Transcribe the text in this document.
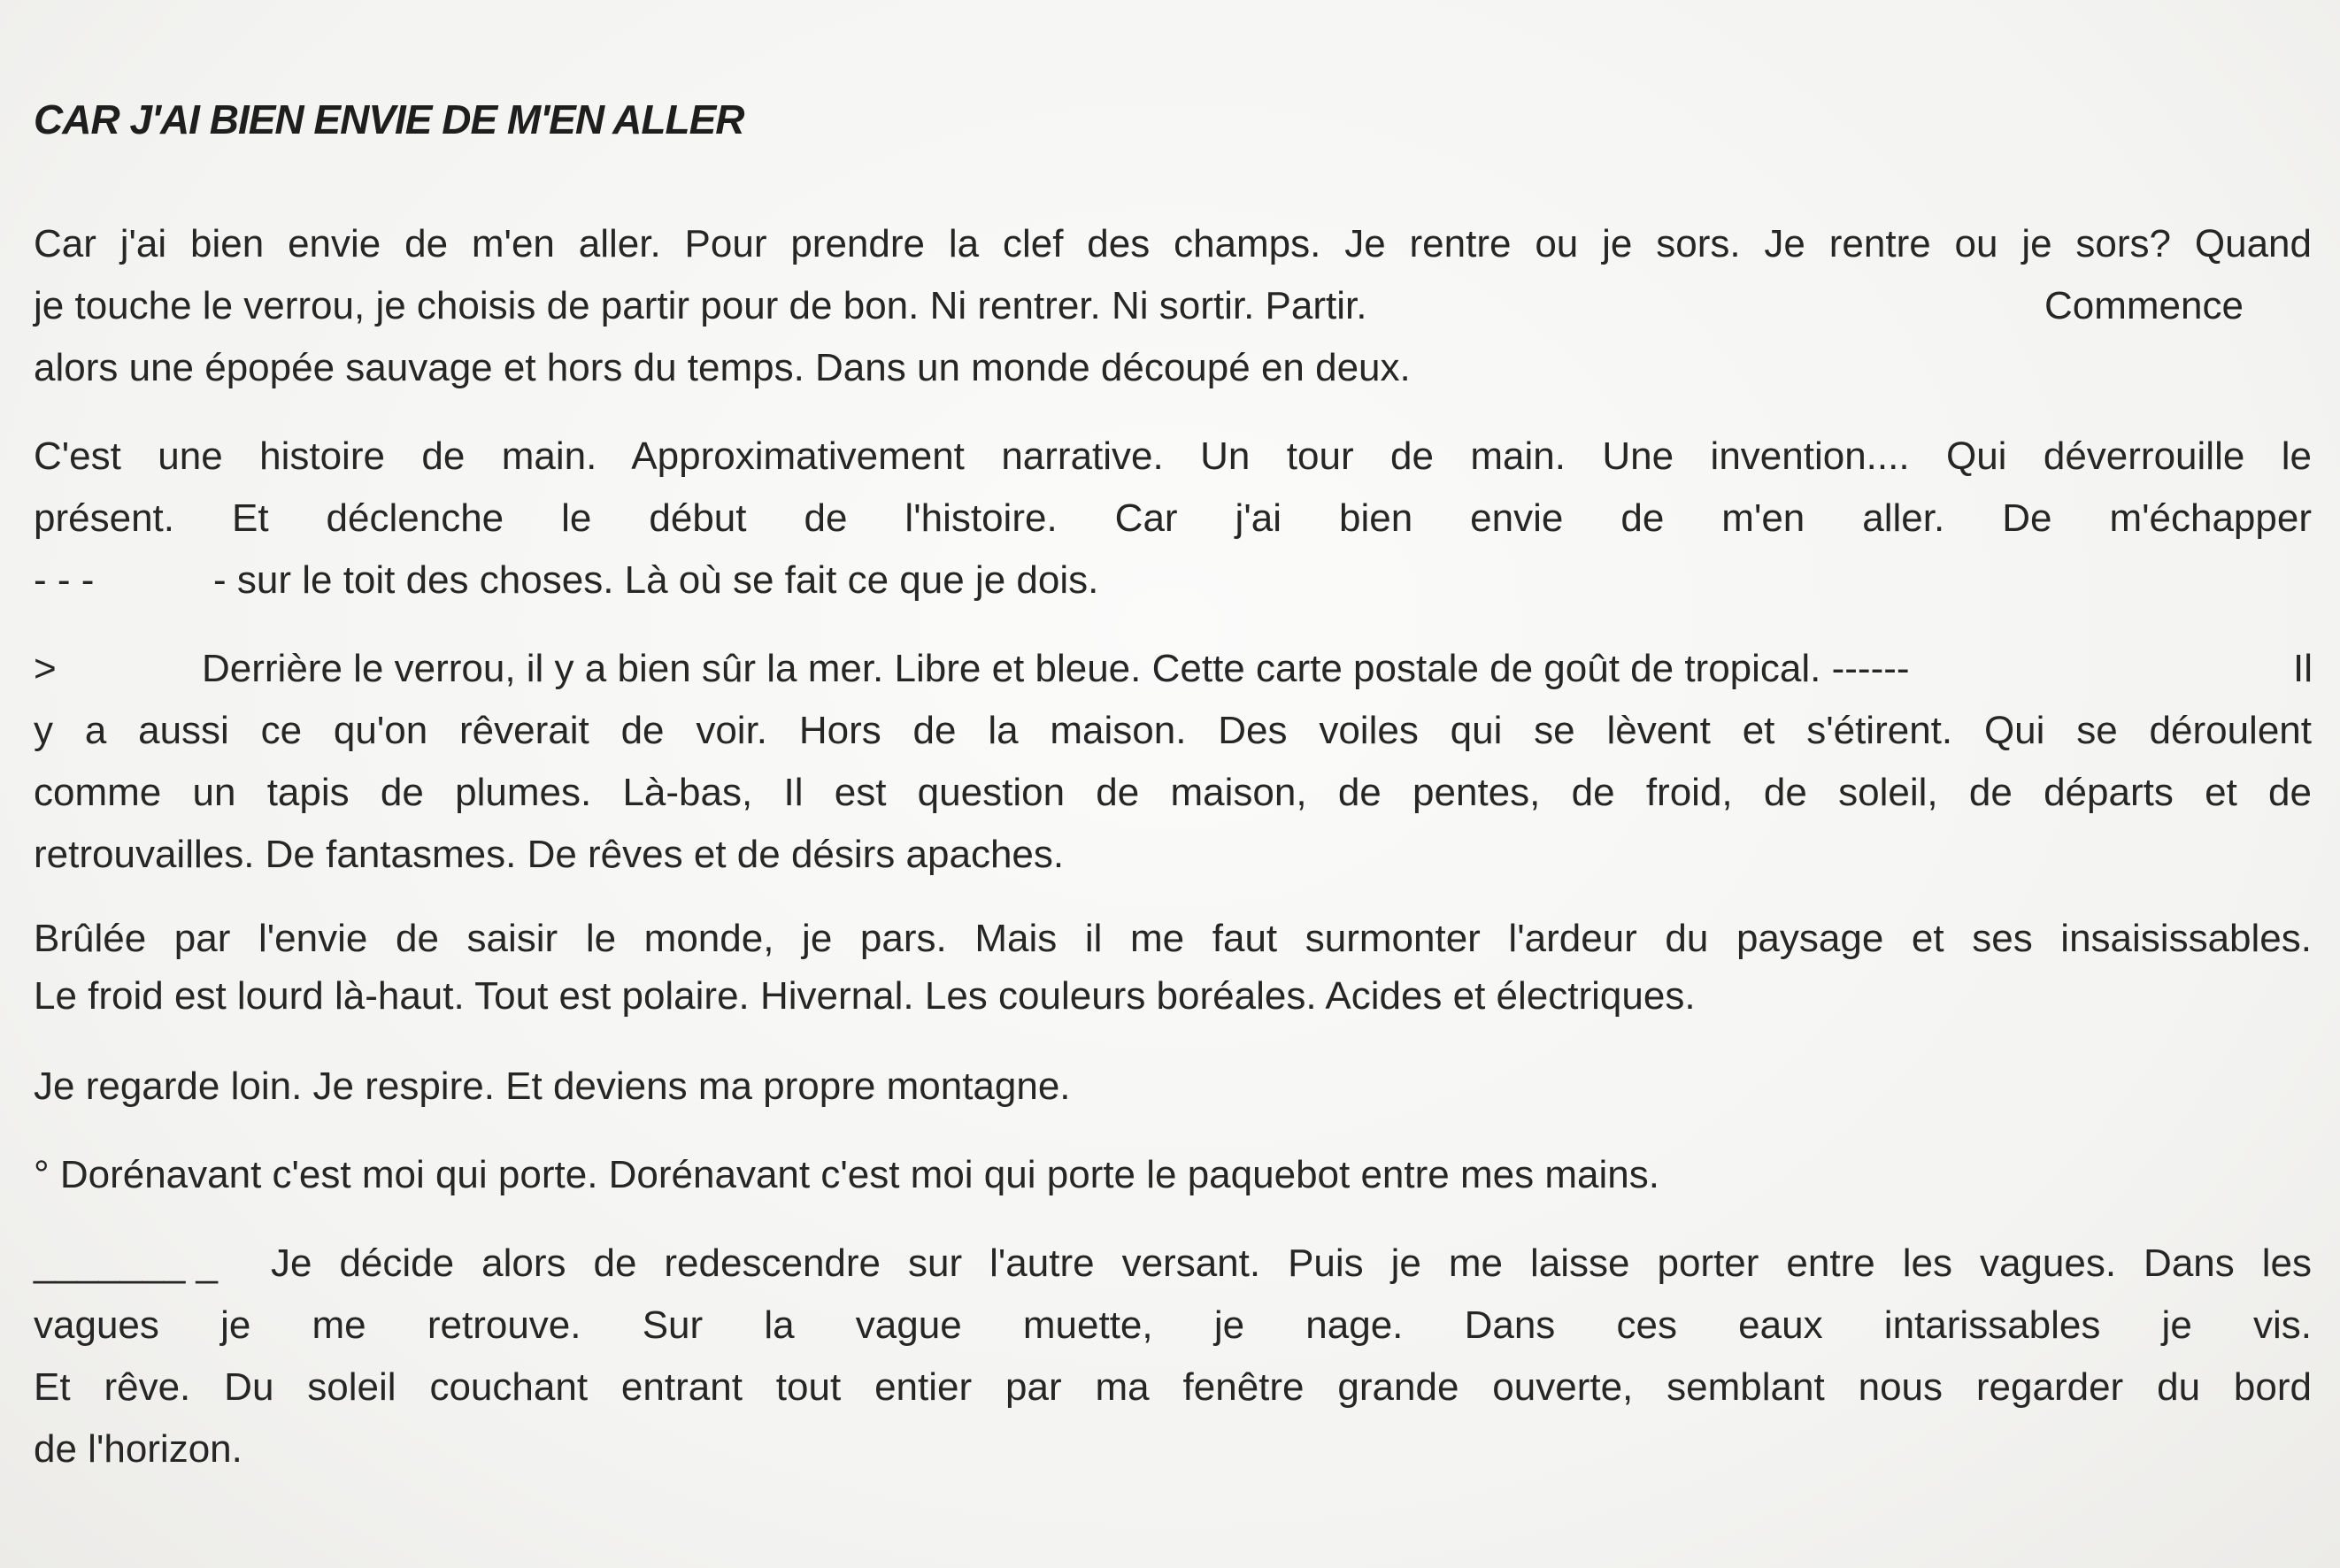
CAR J'AI BIEN ENVIE DE M'EN ALLER
Car j'ai bien envie de m'en aller. Pour prendre la clef des champs. Je rentre ou je sors. Je rentre ou je sors? Quand
je touche le verrou, je choisis de partir pour de bon. Ni rentrer. Ni sortir. Partir.	Commence
alors une épopée sauvage et hors du temps. Dans un monde découpé en deux.
C'est une histoire de main. Approximativement narrative. Un tour de main. Une invention.... Qui déverrouille le
présent. Et déclenche le début de l'histoire. Car j'ai bien envie de m'en aller. De m'échapper
- - -	- sur le toit des choses. Là où se fait ce que je dois.
>	Derrière le verrou, il y a bien sûr la mer. Libre et bleue. Cette carte postale de goût de tropical. ------	Il
y a aussi ce qu'on rêverait de voir. Hors de la maison. Des voiles qui se lèvent et s'étirent. Qui se déroulent
comme un tapis de plumes. Là-bas, Il est question de maison, de pentes, de froid, de soleil, de départs et de
retrouvailles. De fantasmes. De rêves et de désirs apaches.
Brûlée par l'envie de saisir le monde, je pars. Mais il me faut surmonter l'ardeur du paysage et ses insaisissables.
Le froid est lourd là-haut. Tout est polaire. Hivernal. Les couleurs boréales. Acides et électriques.
Je regarde loin. Je respire. Et deviens ma propre montagne.
° Dorénavant c'est moi qui porte. Dorénavant c'est moi qui porte le paquebot entre mes mains.
_______ _ Je décide alors de redescendre sur l'autre versant. Puis je me laisse porter entre les vagues. Dans les
vagues je me retrouve. Sur la vague muette, je nage. Dans ces eaux intarissables je vis.
Et rêve. Du soleil couchant entrant tout entier par ma fenêtre grande ouverte, semblant nous regarder du bord
de l'horizon.
